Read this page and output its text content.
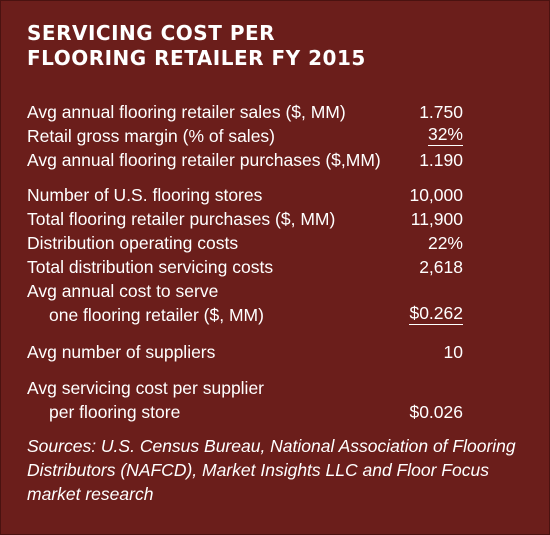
SERVICING COST PER
FLOORING RETAILER FY 2015
Avg annual flooring retailer sales ($, MM)	1.750
Retail gross margin (% of sales)	32%
Avg annual flooring retailer purchases ($,MM) 1.190
Number of U.S. flooring stores	10,000
Total flooring retailer purchases ($, MM)	11,900
Distribution operating costs	22%
Total distribution servicing costs	2,618
Avg annual cost to serve
one flooring retailer ($, MM)	$0.262
Avg number of suppliers	10
Avg servicing cost per supplier
per flooring store	$0.026
Sources: U.S. Census Bureau, National Association of Flooring Distributors (NAFCD), Market Insights LLC and Floor Focus market research
